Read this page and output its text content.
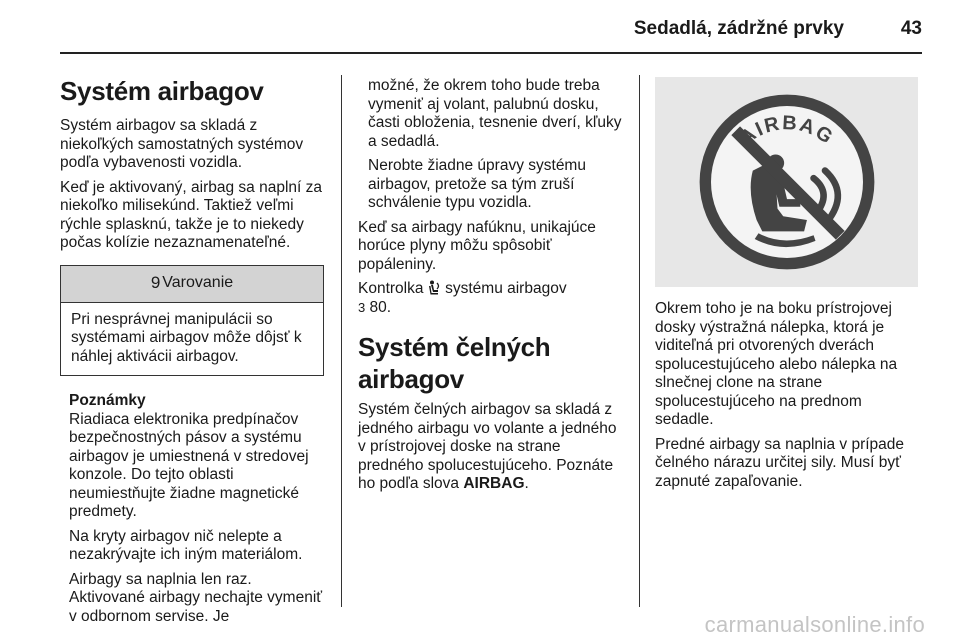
Sedadlá, zádržné prvky	43
Systém airbagov

Systém airbagov sa skladá z niekoľkých samostatných systémov podľa vybavenosti vozidla.

Keď je aktivovaný, airbag sa naplní za niekoľko milisekúnd. Taktiež veľmi rýchle splasknú, takže je to niekedy počas kolízie nezaznamenateľné.

9 Varovanie
Pri nesprávnej manipulácii so systémami airbagov môže dôjsť k náhlej aktivácii airbagov.
Poznámky

Riadiaca elektronika predpínačov bezpečnostných pásov a systému airbagov je umiestnená v stredovej konzole. Do tejto oblasti neumiestňujte žiadne magnetické predmety.

Na kryty airbagov nič nelepte a nezakrývajte ich iným materiálom.

Airbagy sa naplnia len raz. Aktivované airbagy nechajte vymeniť v odbornom servise. Je

možné, že okrem toho bude treba vymeniť aj volant, palubnú dosku, časti obloženia, tesnenie dverí, kľuky a sedadlá.

Nerobte žiadne úpravy systému airbagov, pretože sa tým zruší schválenie typu vozidla.

Keď sa airbagy nafúknu, unikajúce horúce plyny môžu spôsobiť popáleniny.

Kontrolka  systému airbagov
3 80.

Systém čelných airbagov

Systém čelných airbagov sa skladá z jedného airbagu vo volante a jedného v prístrojovej doske na strane predného spolucestujúceho. Poznáte ho podľa slova AIRBAG.

AIRBAG

Okrem toho je na boku prístrojovej dosky výstražná nálepka, ktorá je viditeľná pri otvorených dverách spolucestujúceho alebo nálepka na slnečnej clone na strane spolucestujúceho na prednom sedadle.

Predné airbagy sa naplnia v prípade čelného nárazu určitej sily. Musí byť zapnuté zapaľovanie.

carmanualsonline.info
